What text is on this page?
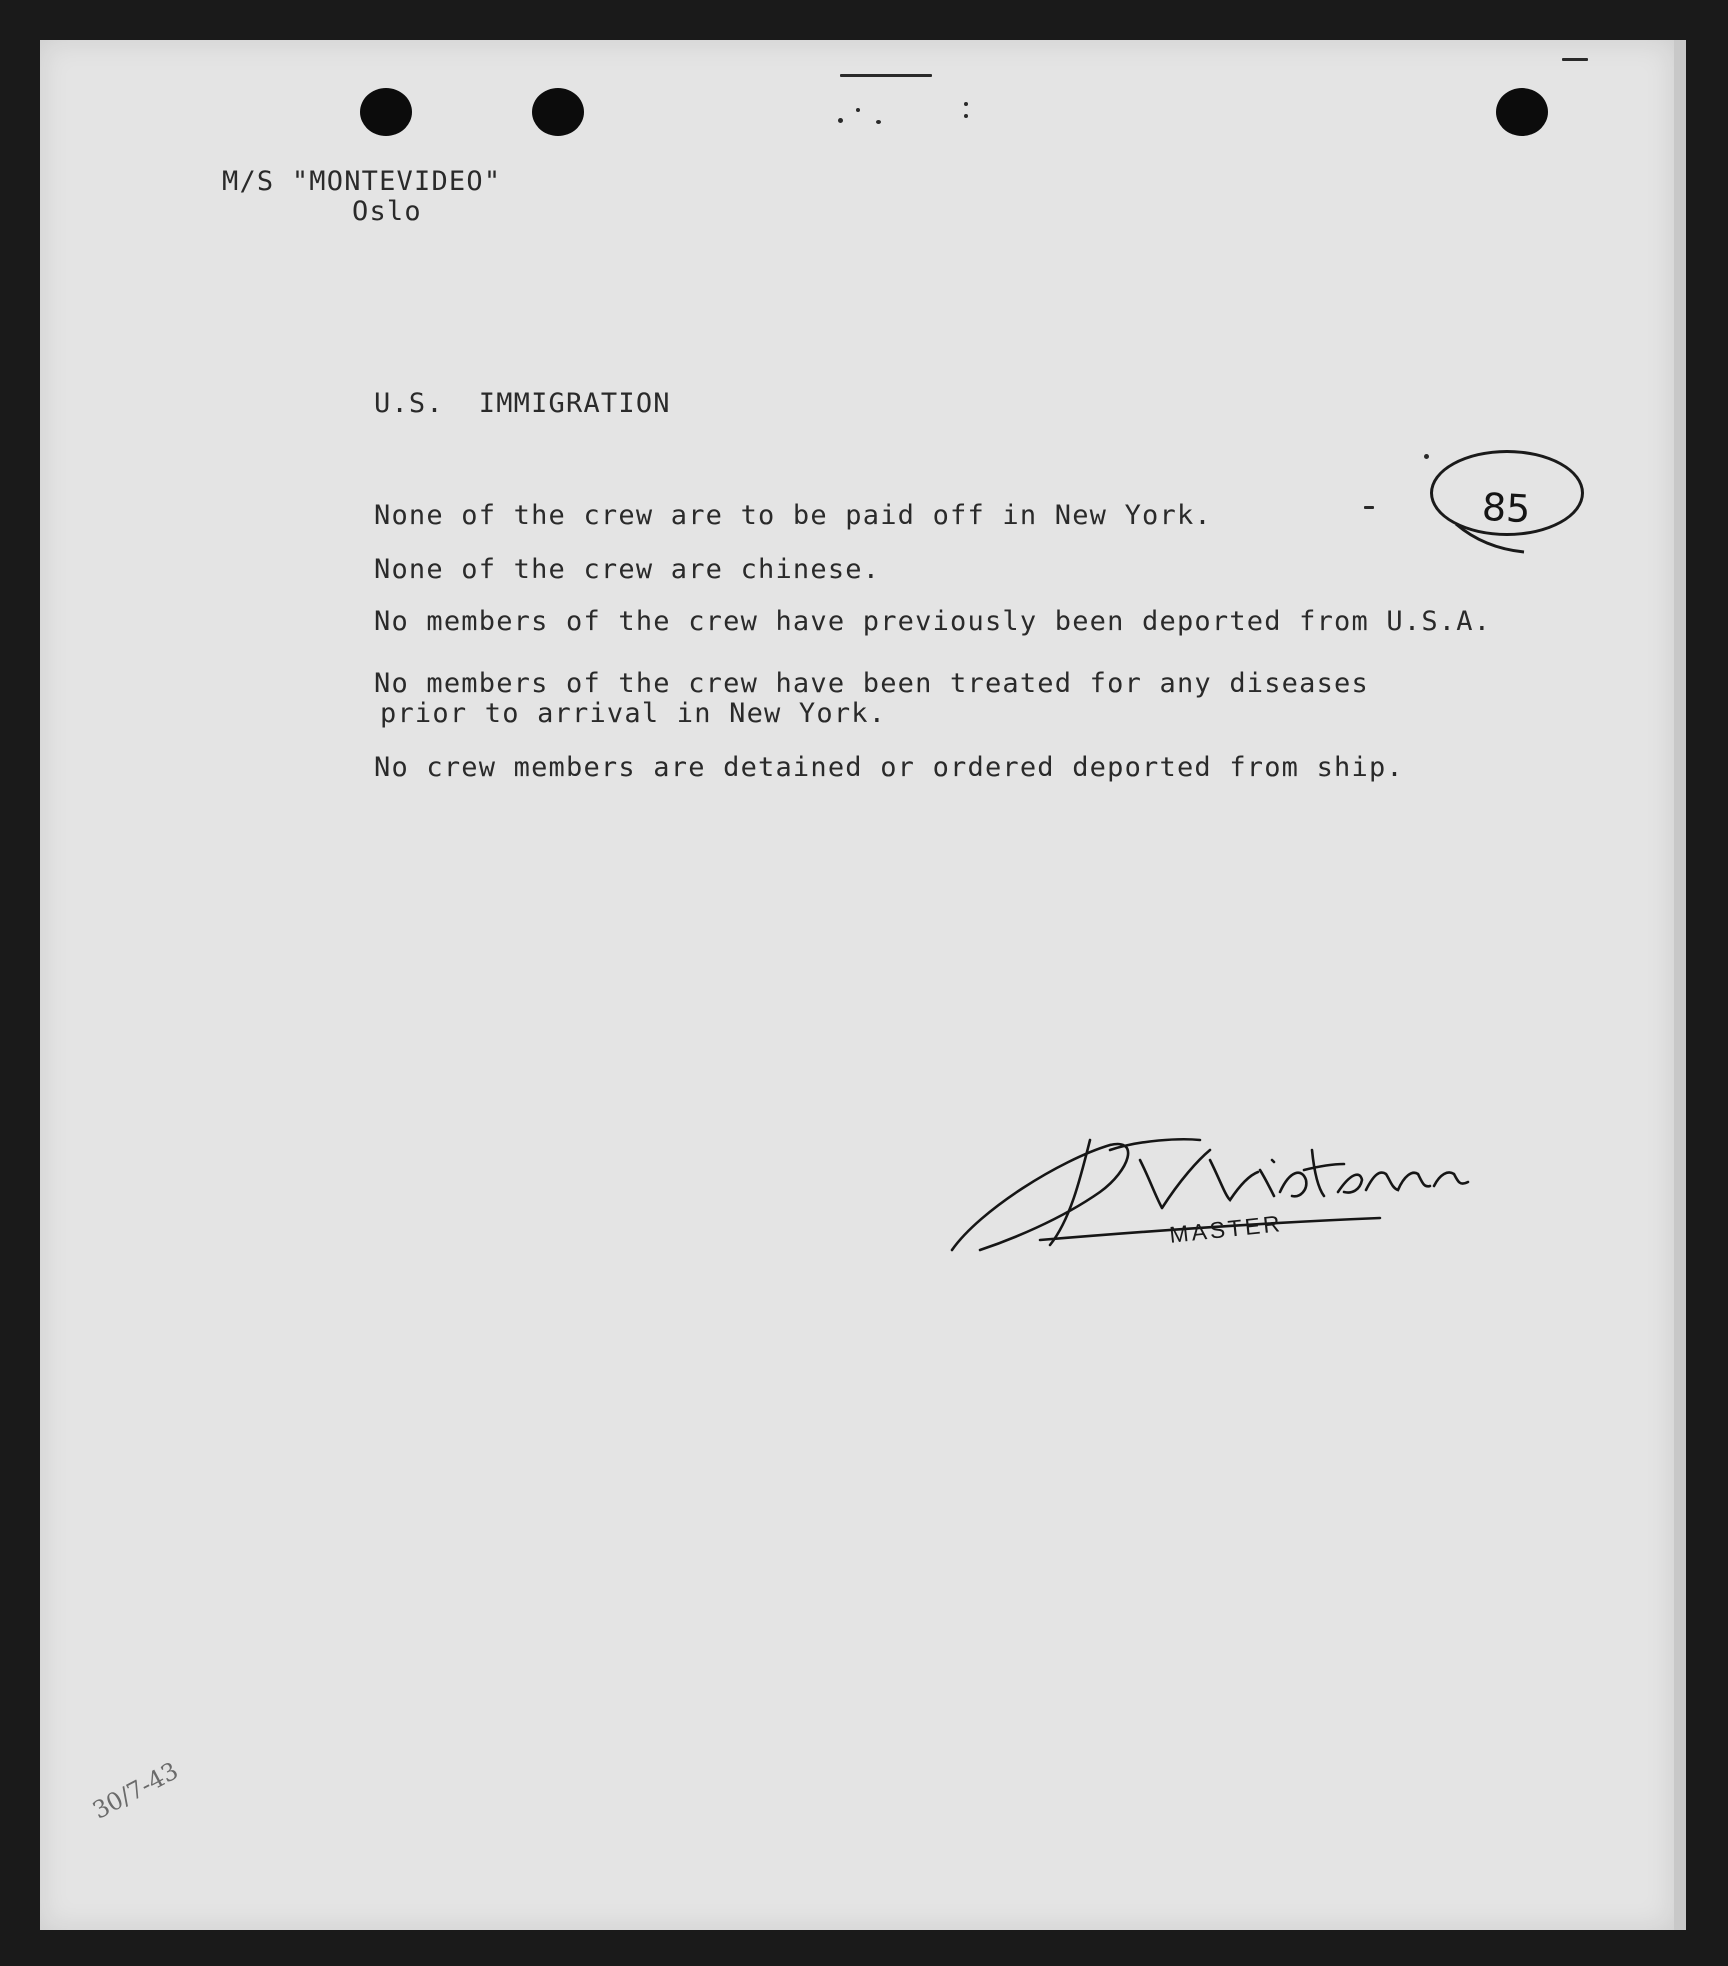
M/S "MONTEVIDEO"
Oslo
U.S.  IMMIGRATION
None of the crew are to be paid off in New York.
None of the crew are chinese.
No members of the crew have previously been deported from U.S.A.
No members of the crew have been treated for any diseases
prior to arrival in New York.
No crew members are detained or ordered deported from ship.
85
MASTER
30/7-43
